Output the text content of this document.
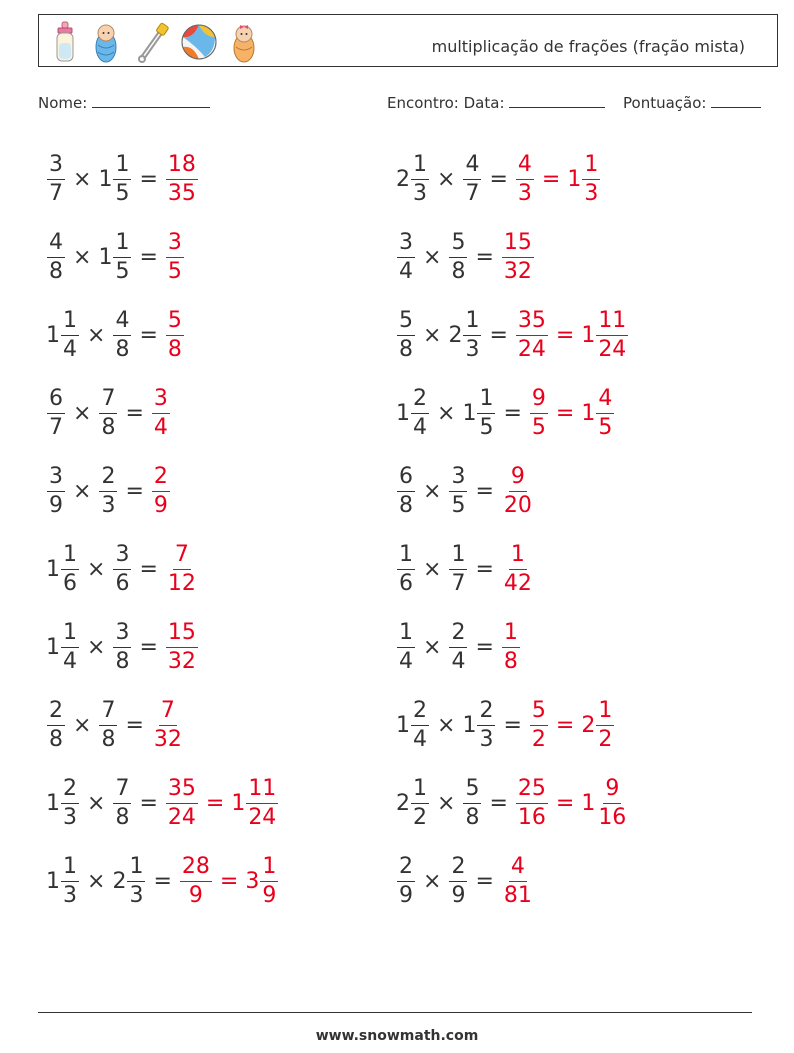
multiplicação de frações (fração mista)
Nome:	Encontro: Data:	Pontuação:
$\frac{3}{7} \times 1 \frac{1}{5} = \frac{18}{35}$
$\frac{4}{8} \times 1 \frac{1}{5} = \frac{3}{5}$
$1 \frac{1}{4} \times \frac{4}{8} = \frac{5}{8}$
$\frac{6}{7} \times \frac{7}{8} = \frac{3}{4}$
$\frac{3}{9} \times \frac{2}{3} = \frac{2}{9}$
$1 \frac{1}{6} \times \frac{3}{6} = \frac{7}{12}$
$1 \frac{1}{4} \times \frac{3}{8} = \frac{15}{32}$
$\frac{2}{8} \times \frac{7}{8} = \frac{7}{32}$
$1 \frac{2}{3} \times \frac{7}{8} = \frac{35}{24} = 1 \frac{11}{24}$
$1 \frac{1}{3} \times 2 \frac{1}{3} = \frac{28}{9} = 3 \frac{1}{9}$
$2 \frac{1}{3} \times \frac{4}{7} = \frac{4}{3} = 1 \frac{1}{3}$
$\frac{3}{4} \times \frac{5}{8} = \frac{15}{32}$
$\frac{5}{8} \times 2 \frac{1}{3} = \frac{35}{24} = 1 \frac{11}{24}$
$1 \frac{2}{4} \times 1 \frac{1}{5} = \frac{9}{5} = 1 \frac{4}{5}$
$\frac{6}{8} \times \frac{3}{5} = \frac{9}{20}$
$\frac{1}{6} \times \frac{1}{7} = \frac{1}{42}$
$\frac{1}{4} \times \frac{2}{4} = \frac{1}{8}$
$1 \frac{2}{4} \times 1 \frac{2}{3} = \frac{5}{2} = 2 \frac{1}{2}$
$2 \frac{1}{2} \times \frac{5}{8} = \frac{25}{16} = 1 \frac{9}{16}$
$\frac{2}{9} \times \frac{2}{9} = \frac{4}{81}$
www.snowmath.com
